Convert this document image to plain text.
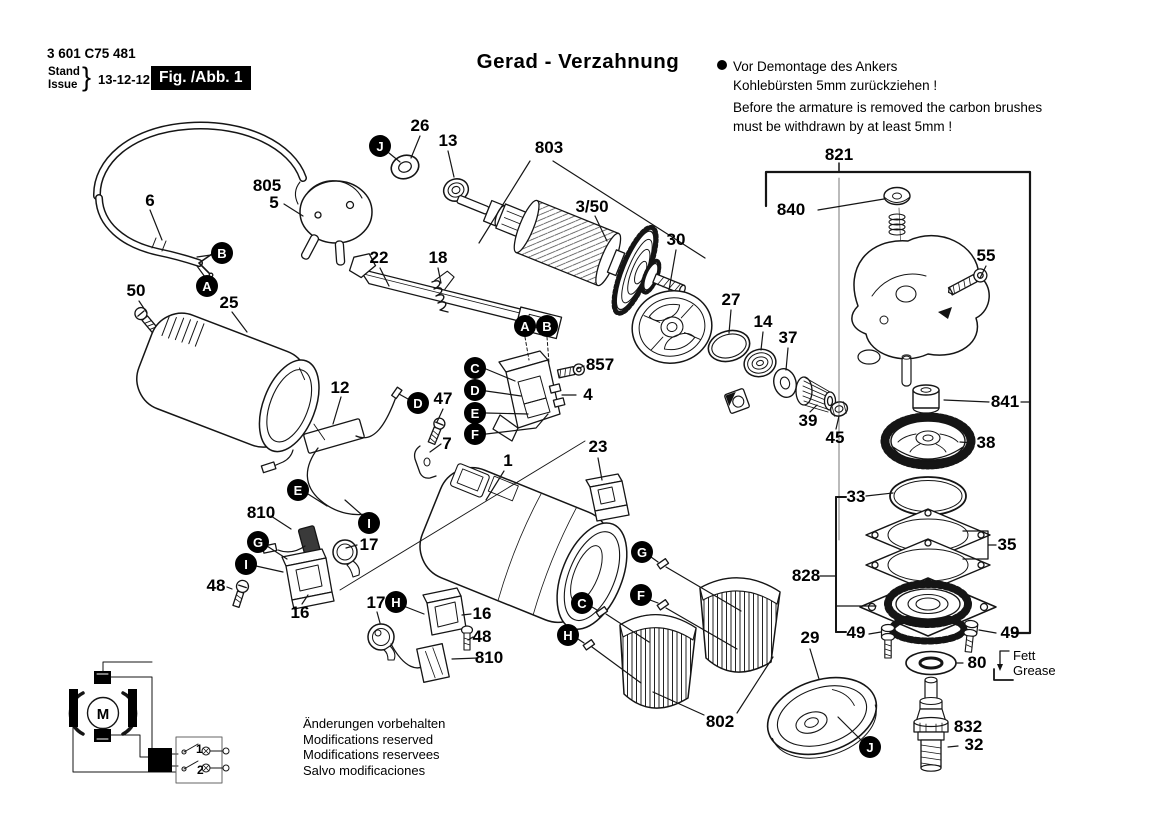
M
1
2
3 601 C75 481
Stand
Issue } 13-12-12 Fig. /Abb. 1
Gerad - Verzahnung	Vor Demontage des Ankers
Kohlebürsten 5mm zurückziehen !
Before the armature is removed the carbon brushes
must be withdrawn by at least 5mm !
Fett
Grease
Änderungen vorbehalten
Modifications reserved
Modifications reservees
Salvo modificaciones
26
13	803
3/50
805
5
6
50
25
22 18
12
47
7
857
4
1
23
30
27
14
37
39
45
821
840
55
841
38
33
35
828
49	49
80
832
32
29
802
810
17
48
16
17
16
48
810
J
B
A
A B
C
D
E
F
D
E
I
G
I
G
F
C
H
H
J
